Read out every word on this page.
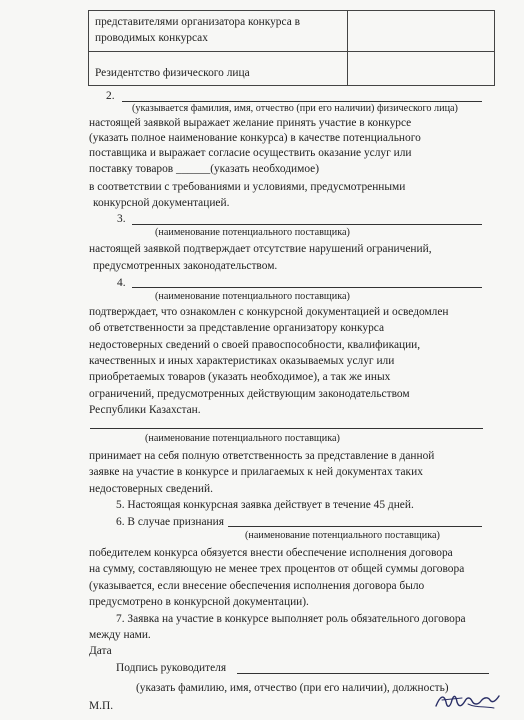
представителями организатора конкурса в
проводимых конкурсах
Резидентство физического лица
2.
(указывается фамилия, имя, отчество (при его наличии) физического лица)
настоящей заявкой выражает желание принять участие в конкурсе
(указать полное наименование конкурса) в качестве потенциального
поставщика и выражает согласие осуществить оказание услуг или
поставку товаров ______(указать необходимое)
в соответствии с требованиями и условиями, предусмотренными
конкурсной документацией.
3.
(наименование потенциального поставщика)
настоящей заявкой подтверждает отсутствие нарушений ограничений,
предусмотренных законодательством.
4.
(наименование потенциального поставщика)
подтверждает, что ознакомлен с конкурсной документацией и осведомлен
об ответственности за представление организатору конкурса
недостоверных сведений о своей правоспособности, квалификации,
качественных и иных характеристиках оказываемых услуг или
приобретаемых товаров (указать необходимое), а так же иных
ограничений, предусмотренных действующим законодательством
Республики Казахстан.
(наименование потенциального поставщика)
принимает на себя полную ответственность за представление в данной
заявке на участие в конкурсе и прилагаемых к ней документах таких
недостоверных сведений.
5. Настоящая конкурсная заявка действует в течение 45 дней.
6. В случае признания
(наименование потенциального поставщика)
победителем конкурса обязуется внести обеспечение исполнения договора
на сумму, составляющую не менее трех процентов от общей суммы договора
(указывается, если внесение обеспечения исполнения договора было
предусмотрено в конкурсной документации).
7. Заявка на участие в конкурсе выполняет роль обязательного договора
между нами.
Дата
Подпись руководителя
(указать фамилию, имя, отчество (при его наличии), должность)
М.П.
